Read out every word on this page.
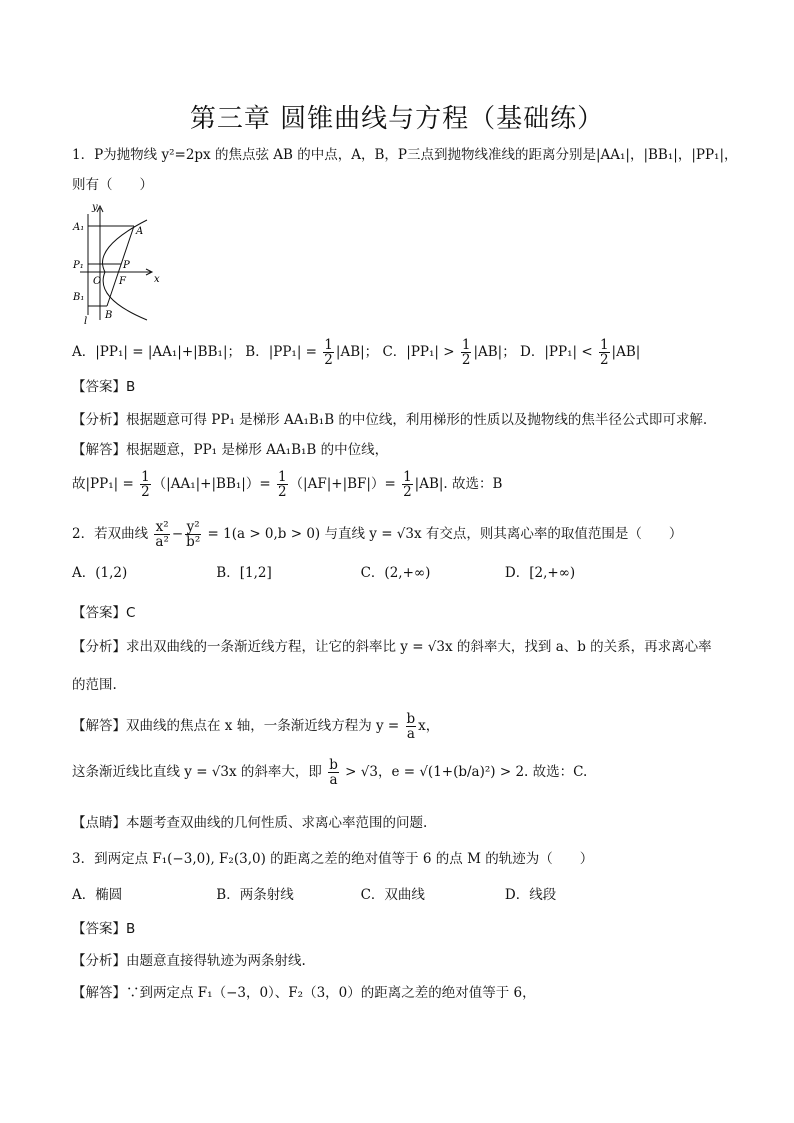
第三章 圆锥曲线与方程（基础练）
1．P为抛物线 y²=2px 的焦点弦 AB 的中点，A，B，P三点到抛物线准线的距离分别是|AA₁|，|BB₁|，|PP₁|，
则有（　　）
y
x
A₁	A
P₁	P
O F
B₁
B
l
A．|PP₁| = |AA₁|+|BB₁|； B．$|PP_1| = \frac{1}{2} |AB|$； C．$|PP_1| > \frac{1}{2} |AB|$； D．$|PP_1| < \frac{1}{2} |AB|$
【答案】B
【分析】根据题意可得 PP₁ 是梯形 AA₁B₁B 的中位线，利用梯形的性质以及抛物线的焦半径公式即可求解.
【解答】根据题意，PP₁ 是梯形 AA₁B₁B 的中位线，
故$|PP_1| = \frac{1}{2} (|AA_1|+|BB_1|)= \frac{1}{2} (|AF|+|BF|)= \frac{1}{2} |AB|$. 故选：B
2．若双曲线 $\frac{\text{x²}}{\text{a²}} - \frac{\text{y²}}{\text{b²}} = 1(a > 0,b > 0)$ 与直线 y = √3x 有交点，则其离心率的取值范围是（　　）
A．(1,2)	B．[1,2]	C．(2,+∞)	D．[2,+∞)
【答案】C
【分析】求出双曲线的一条渐近线方程，让它的斜率比 y = √3x 的斜率大，找到 a、b 的关系，再求离心率
的范围.
【解答】双曲线的焦点在 x 轴，一条渐近线方程为 $y = \frac{b}{a}$ x，
这条渐近线比直线 y = √3x 的斜率大，即 $\frac{b}{a} > √3$，e = √(1+(b/a)²) > 2. 故选：C.
【点睛】本题考查双曲线的几何性质、求离心率范围的问题.
3．到两定点 F₁(−3,0), F₂(3,0) 的距离之差的绝对值等于 6 的点 M 的轨迹为（　　）
A．椭圆	B．两条射线	C．双曲线	D．线段
【答案】B
【分析】由题意直接得轨迹为两条射线.
【解答】∵到两定点 F₁（−3，0）、F₂（3，0）的距离之差的绝对值等于 6，
